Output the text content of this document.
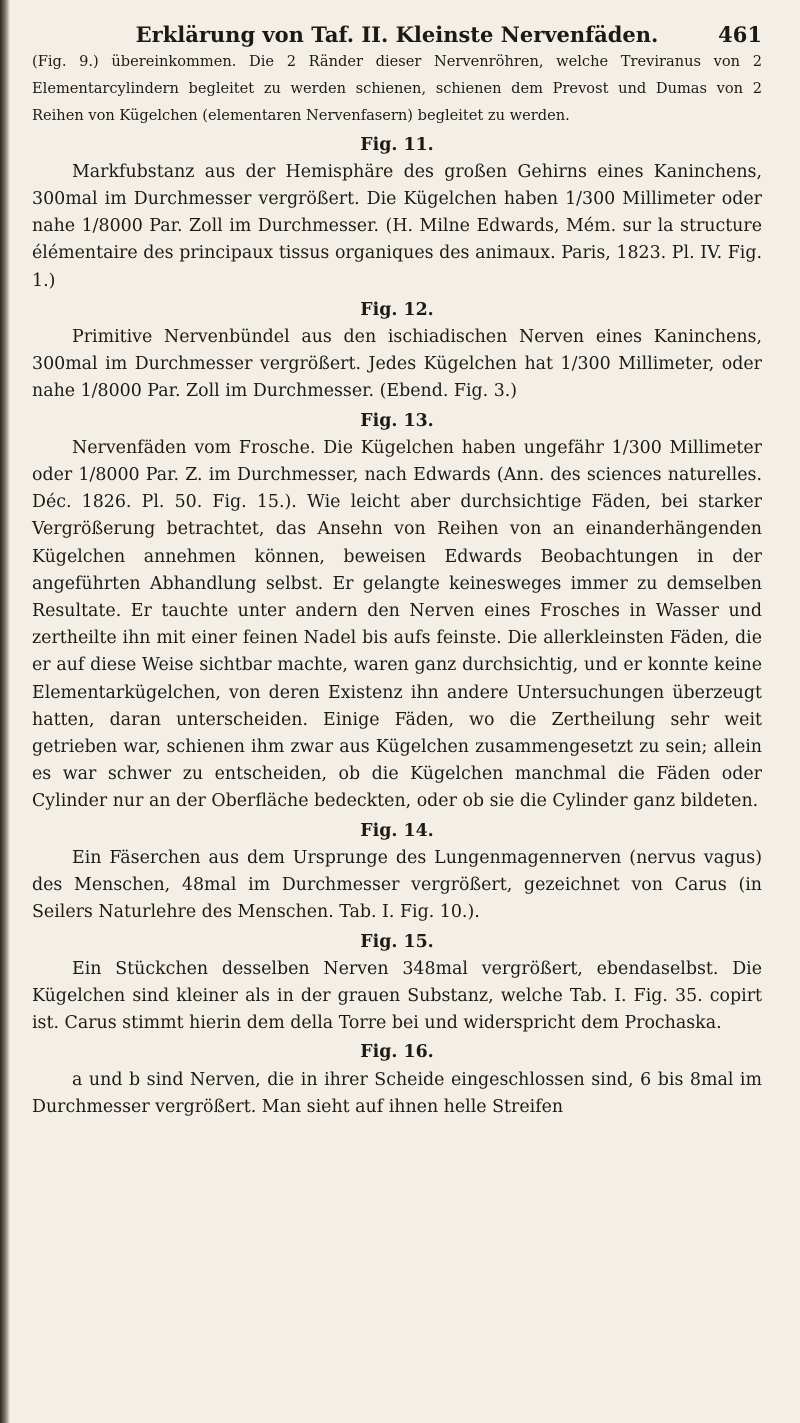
Erklärung von Taf. II. Kleinste Nervenfäden.	461

(Fig. 9.) übereinkommen. Die 2 Ränder dieser Nervenröhren, welche Treviranus von 2 Elementarcylindern begleitet zu werden schienen, schienen dem Prevost und Dumas von 2 Reihen von Kügelchen (elementaren Nervenfasern) begleitet zu werden.

Fig. 11.

Markfubstanz aus der Hemisphäre des großen Gehirns eines Kaninchens, 300mal im Durchmesser vergrößert. Die Kügelchen haben 1/300 Millimeter oder nahe 1/8000 Par. Zoll im Durchmesser. (H. Milne Edwards, Mém. sur la structure élémentaire des principaux tissus organiques des animaux. Paris, 1823. Pl. IV. Fig. 1.)

Fig. 12.

Primitive Nervenbündel aus den ischiadischen Nerven eines Kaninchens, 300mal im Durchmesser vergrößert. Jedes Kügelchen hat 1/300 Millimeter, oder nahe 1/8000 Par. Zoll im Durchmesser. (Ebend. Fig. 3.)

Fig. 13.

Nervenfäden vom Frosche. Die Kügelchen haben ungefähr 1/300 Millimeter oder 1/8000 Par. Z. im Durchmesser, nach Edwards (Ann. des sciences naturelles. Déc. 1826. Pl. 50. Fig. 15.). Wie leicht aber durchsichtige Fäden, bei starker Vergrößerung betrachtet, das Ansehn von Reihen von an einanderhängenden Kügelchen annehmen können, beweisen Edwards Beobachtungen in der angeführten Abhandlung selbst. Er gelangte keinesweges immer zu demselben Resultate. Er tauchte unter andern den Nerven eines Frosches in Wasser und zertheilte ihn mit einer feinen Nadel bis aufs feinste. Die allerkleinsten Fäden, die er auf diese Weise sichtbar machte, waren ganz durchsichtig, und er konnte keine Elementarkügelchen, von deren Existenz ihn andere Untersuchungen überzeugt hatten, daran unterscheiden. Einige Fäden, wo die Zertheilung sehr weit getrieben war, schienen ihm zwar aus Kügelchen zusammengesetzt zu sein; allein es war schwer zu entscheiden, ob die Kügelchen manchmal die Fäden oder Cylinder nur an der Oberfläche bedeckten, oder ob sie die Cylinder ganz bildeten.

Fig. 14.

Ein Fäserchen aus dem Ursprunge des Lungenmagennerven (nervus vagus) des Menschen, 48mal im Durchmesser vergrößert, gezeichnet von Carus (in Seilers Naturlehre des Menschen. Tab. I. Fig. 10.).

Fig. 15.

Ein Stückchen desselben Nerven 348mal vergrößert, ebendaselbst. Die Kügelchen sind kleiner als in der grauen Substanz, welche Tab. I. Fig. 35. copirt ist. Carus stimmt hierin dem della Torre bei und widerspricht dem Prochaska.

Fig. 16.

a und b sind Nerven, die in ihrer Scheide eingeschlossen sind, 6 bis 8mal im Durchmesser vergrößert. Man sieht auf ihnen helle Streifen
